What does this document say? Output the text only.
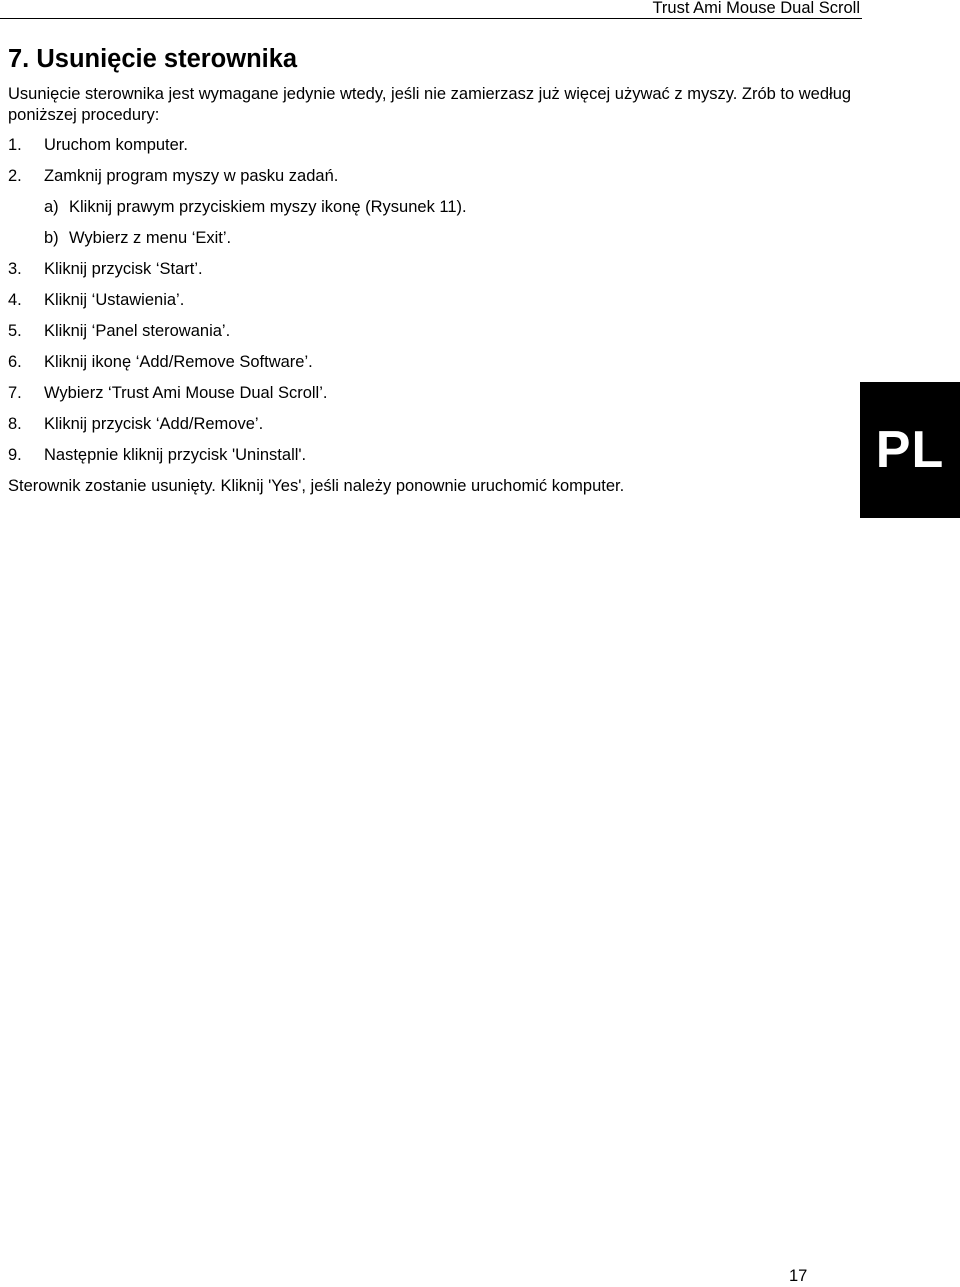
Trust Ami Mouse Dual Scroll
7. Usunięcie sterownika

Usunięcie sterownika jest wymagane jedynie wtedy, jeśli nie zamierzasz już więcej używać z myszy. Zrób to według poniższej procedury:

1. Uruchom komputer.
2. Zamknij program myszy w pasku zadań.
a) Kliknij prawym przyciskiem myszy ikonę (Rysunek 11).
b) Wybierz z menu ‘Exit’.
3. Kliknij przycisk ‘Start’.
4. Kliknij ‘Ustawienia’.
5. Kliknij ‘Panel sterowania’.
6. Kliknij ikonę ‘Add/Remove Software’.
7. Wybierz ‘Trust Ami Mouse Dual Scroll’.
8. Kliknij przycisk ‘Add/Remove’.
9. Następnie kliknij przycisk 'Uninstall'.
Sterownik zostanie usunięty. Kliknij 'Yes', jeśli należy ponownie uruchomić komputer.
PL
17
